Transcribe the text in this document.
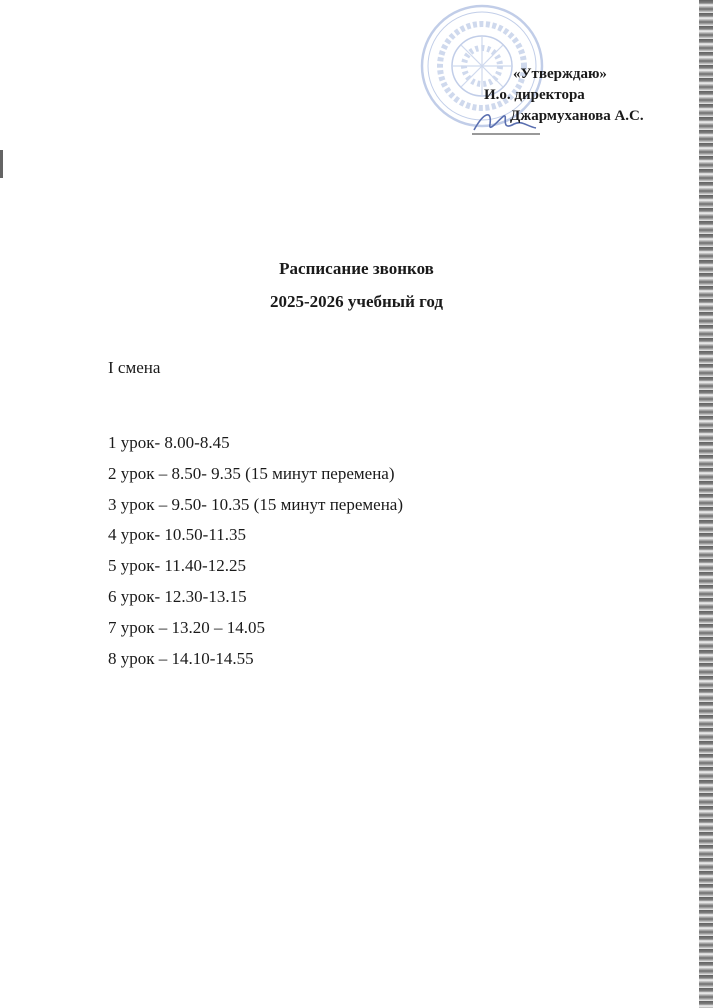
«Утверждаю»
И.о. директора
Джармуханова А.С.
Расписание звонков
2025-2026 учебный год
I смена
1 урок- 8.00-8.45
2 урок – 8.50- 9.35 (15 минут перемена)
3 урок – 9.50- 10.35 (15 минут перемена)
4 урок- 10.50-11.35
5 урок- 11.40-12.25
6 урок- 12.30-13.15
7 урок – 13.20 – 14.05
8 урок – 14.10-14.55
